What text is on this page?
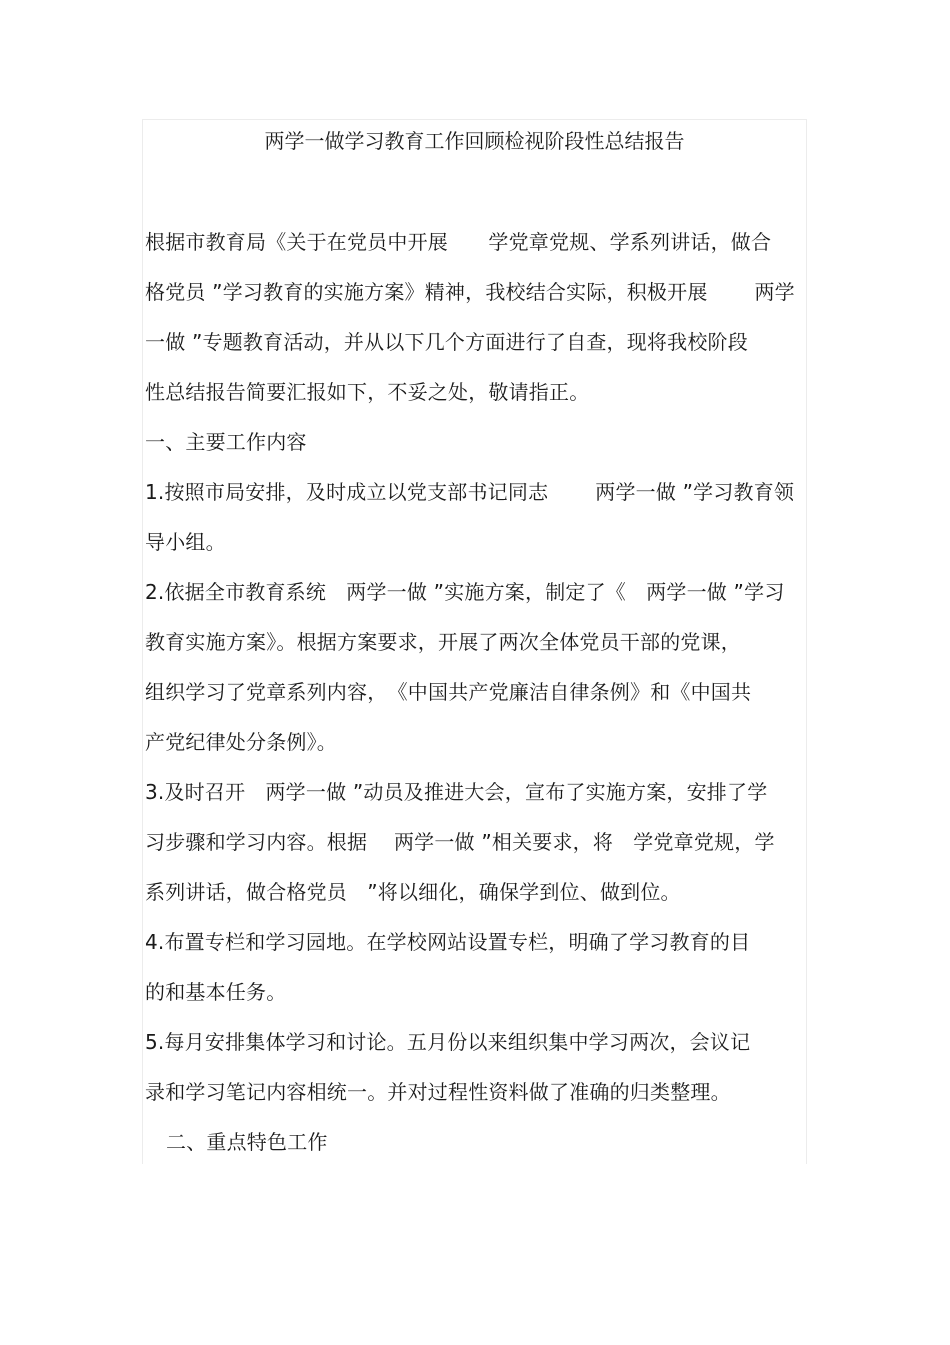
两学一做学习教育工作回顾检视阶段性总结报告
根据市教育局《关于在党员中开展　　学党章党规、学系列讲话，做合
格党员 ”学习教育的实施方案》精神，我校结合实际，积极开展　　 两学
一做 ”专题教育活动，并从以下几个方面进行了自查，现将我校阶段
性总结报告简要汇报如下，不妥之处，敬请指正。
一、主要工作内容
1.按照市局安排，及时成立以党支部书记同志　　 两学一做 ”学习教育领
导小组。
2.依据全市教育系统　两学一做 ”实施方案，制定了《　两学一做 ”学习
教育实施方案》。根据方案要求，开展了两次全体党员干部的党课，
组织学习了党章系列内容，　《中国共产党廉洁自律条例》和《中国共
产党纪律处分条例》。
3.及时召开　两学一做 ”动员及推进大会，宣布了实施方案，安排了学
习步骤和学习内容。根据　 两学一做 ”相关要求，将　学党章党规，学
系列讲话，做合格党员　”将以细化，确保学到位、做到位。
4.布置专栏和学习园地。在学校网站设置专栏，明确了学习教育的目
的和基本任务。
5.每月安排集体学习和讨论。五月份以来组织集中学习两次，会议记
录和学习笔记内容相统一。并对过程性资料做了准确的归类整理。
二、重点特色工作
